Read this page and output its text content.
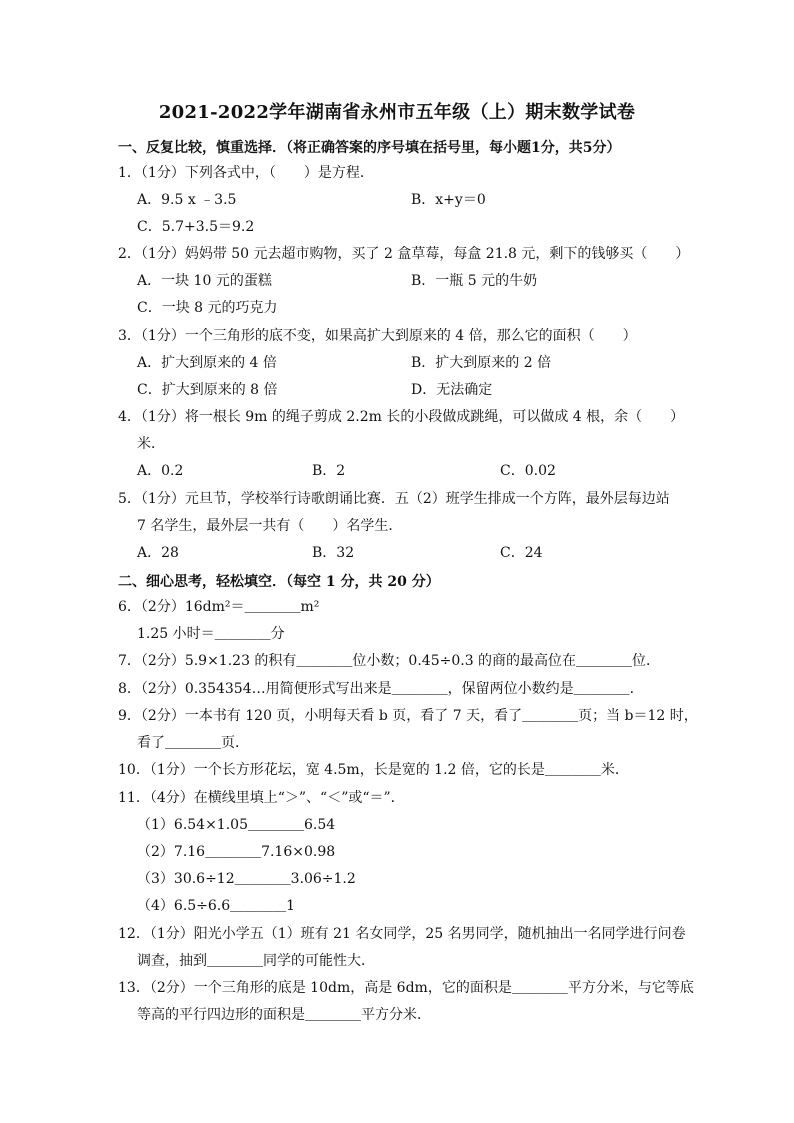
2021-2022学年湖南省永州市五年级（上）期末数学试卷
一、反复比较，慎重选择．（将正确答案的序号填在括号里，每小题1分，共5分）
1．（1分）下列各式中，（　　）是方程．
A．9.5 x ﹣3.5	B．x+y＝0
C．5.7+3.5＝9.2
2．（1分）妈妈带 50 元去超市购物，买了 2 盒草莓，每盒 21.8 元，剩下的钱够买（　　）
A．一块 10 元的蛋糕	B．一瓶 5 元的牛奶
C．一块 8 元的巧克力
3．（1分）一个三角形的底不变，如果高扩大到原来的 4 倍，那么它的面积（　　）
A．扩大到原来的 4 倍	B．扩大到原来的 2 倍
C．扩大到原来的 8 倍	D．无法确定
4．（1分）将一根长 9m 的绳子剪成 2.2m 长的小段做成跳绳，可以做成 4 根，余（　　）
米．
A．0.2	B．2	C．0.02
5．（1分）元旦节，学校举行诗歌朗诵比赛．五（2）班学生排成一个方阵，最外层每边站
7 名学生，最外层一共有（　　）名学生．
A．28	B．32	C．24
二、细心思考，轻松填空．（每空 1 分，共 20 分）
6．（2分）16dm²＝＿＿＿＿m²
1.25 小时＝＿＿＿＿分
7．（2分）5.9×1.23 的积有＿＿＿＿位小数；0.45÷0.3 的商的最高位在＿＿＿＿位．
8．（2分）0.354354…用简便形式写出来是＿＿＿＿，保留两位小数约是＿＿＿＿．
9．（2分）一本书有 120 页，小明每天看 b 页，看了 7 天，看了＿＿＿＿页；当 b＝12 时，
看了＿＿＿＿页．
10．（1分）一个长方形花坛，宽 4.5m，长是宽的 1.2 倍，它的长是＿＿＿＿米．
11．（4分）在横线里填上“＞”、“＜”或“＝”．
（1）6.54×1.05＿＿＿＿6.54
（2）7.16＿＿＿＿7.16×0.98
（3）30.6÷12＿＿＿＿3.06÷1.2
（4）6.5÷6.6＿＿＿＿1
12．（1分）阳光小学五（1）班有 21 名女同学，25 名男同学，随机抽出一名同学进行问卷
调查，抽到＿＿＿＿同学的可能性大．
13．（2分）一个三角形的底是 10dm，高是 6dm，它的面积是＿＿＿＿平方分米，与它等底
等高的平行四边形的面积是＿＿＿＿平方分米．
